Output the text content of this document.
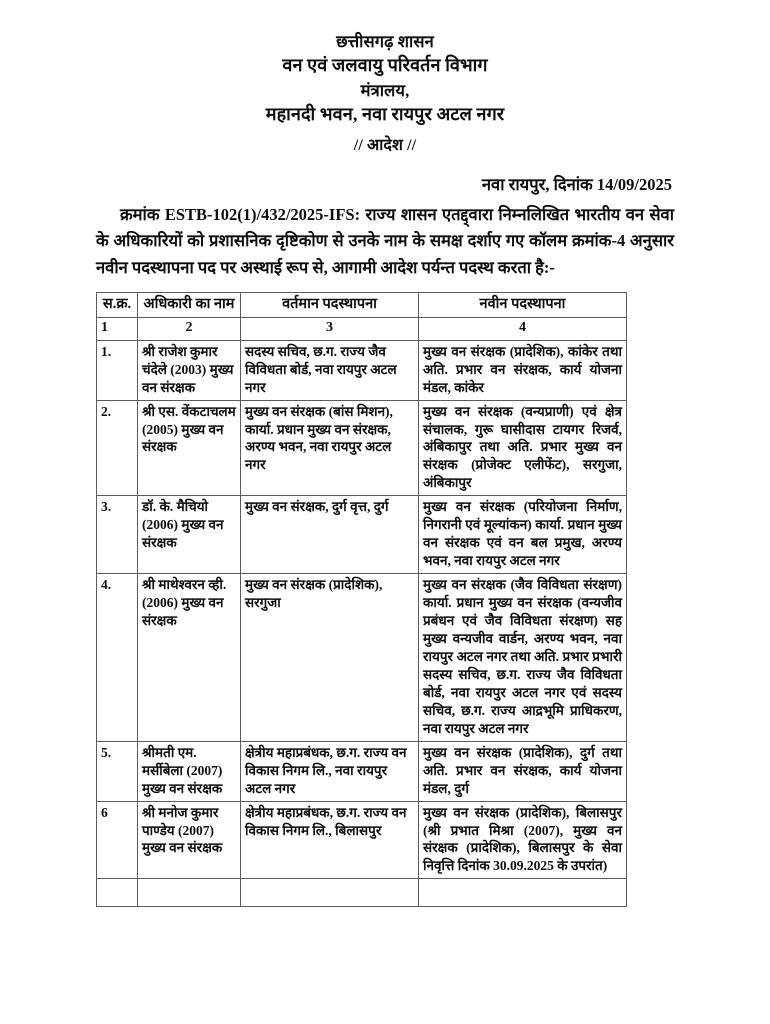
छत्तीसगढ़ शासन
वन एवं जलवायु परिवर्तन विभाग
मंत्रालय,
महानदी भवन, नवा रायपुर अटल नगर
// आदेश //
नवा रायपुर, दिनांक 14/09/2025
क्रमांक ESTB-102(1)/432/2025-IFS: राज्य शासन एतद्द्वारा निम्नलिखित भारतीय वन सेवा के अधिकारियों को प्रशासनिक दृष्टिकोण से उनके नाम के समक्ष दर्शाए गए कॉलम क्रमांक-4 अनुसार नवीन पदस्थापना पद पर अस्थाई रूप से, आगामी आदेश पर्यन्त पदस्थ करता है:-
स.क्र.	अधिकारी का नाम	वर्तमान पदस्थापना	नवीन पदस्थापना
1	2	3	4
1.	श्री राजेश कुमार चंदेले (2003) मुख्य वन संरक्षक	सदस्य सचिव, छ.ग. राज्य जैव विविधता बोर्ड, नवा रायपुर अटल नगर	मुख्य वन संरक्षक (प्रादेशिक), कांकेर तथा अति. प्रभार वन संरक्षक, कार्य योजना मंडल, कांकेर
2.	श्री एस. वेंकटाचलम (2005) मुख्य वन संरक्षक	मुख्य वन संरक्षक (बांस मिशन), कार्या. प्रधान मुख्य वन संरक्षक, अरण्य भवन, नवा रायपुर अटल नगर	मुख्य वन संरक्षक (वन्यप्राणी) एवं क्षेत्र संचालक, गुरू घासीदास टायगर रिजर्व, अंबिकापुर तथा अति. प्रभार मुख्य वन संरक्षक (प्रोजेक्ट एलीफेंट), सरगुजा, अंबिकापुर
3.	डॉ. के. मैचियो (2006) मुख्य वन संरक्षक	मुख्य वन संरक्षक, दुर्ग वृत्त, दुर्ग	मुख्य वन संरक्षक (परियोजना निर्माण, निगरानी एवं मूल्यांकन) कार्या. प्रधान मुख्य वन संरक्षक एवं वन बल प्रमुख, अरण्य भवन, नवा रायपुर अटल नगर
4.	श्री माथेश्वरन व्ही. (2006) मुख्य वन संरक्षक	मुख्य वन संरक्षक (प्रादेशिक), सरगुजा	मुख्य वन संरक्षक (जैव विविधता संरक्षण) कार्या. प्रधान मुख्य वन संरक्षक (वन्यजीव प्रबंधन एवं जैव विविधता संरक्षण) सह मुख्य वन्यजीव वार्डन, अरण्य भवन, नवा रायपुर अटल नगर तथा अति. प्रभार प्रभारी सदस्य सचिव, छ.ग. राज्य जैव विविधता बोर्ड, नवा रायपुर अटल नगर एवं सदस्य सचिव, छ.ग. राज्य आद्रभूमि प्राधिकरण, नवा रायपुर अटल नगर
5.	श्रीमती एम. मर्सीबेला (2007) मुख्य वन संरक्षक	क्षेत्रीय महाप्रबंधक, छ.ग. राज्य वन विकास निगम लि., नवा रायपुर अटल नगर	मुख्य वन संरक्षक (प्रादेशिक), दुर्ग तथा अति. प्रभार वन संरक्षक, कार्य योजना मंडल, दुर्ग
6	श्री मनोज कुमार पाण्डेय (2007) मुख्य वन संरक्षक	क्षेत्रीय महाप्रबंधक, छ.ग. राज्य वन विकास निगम लि., बिलासपुर	मुख्य वन संरक्षक (प्रादेशिक), बिलासपुर (श्री प्रभात मिश्रा (2007), मुख्य वन संरक्षक (प्रादेशिक), बिलासपुर के सेवा निवृत्ति दिनांक 30.09.2025 के उपरांत)
